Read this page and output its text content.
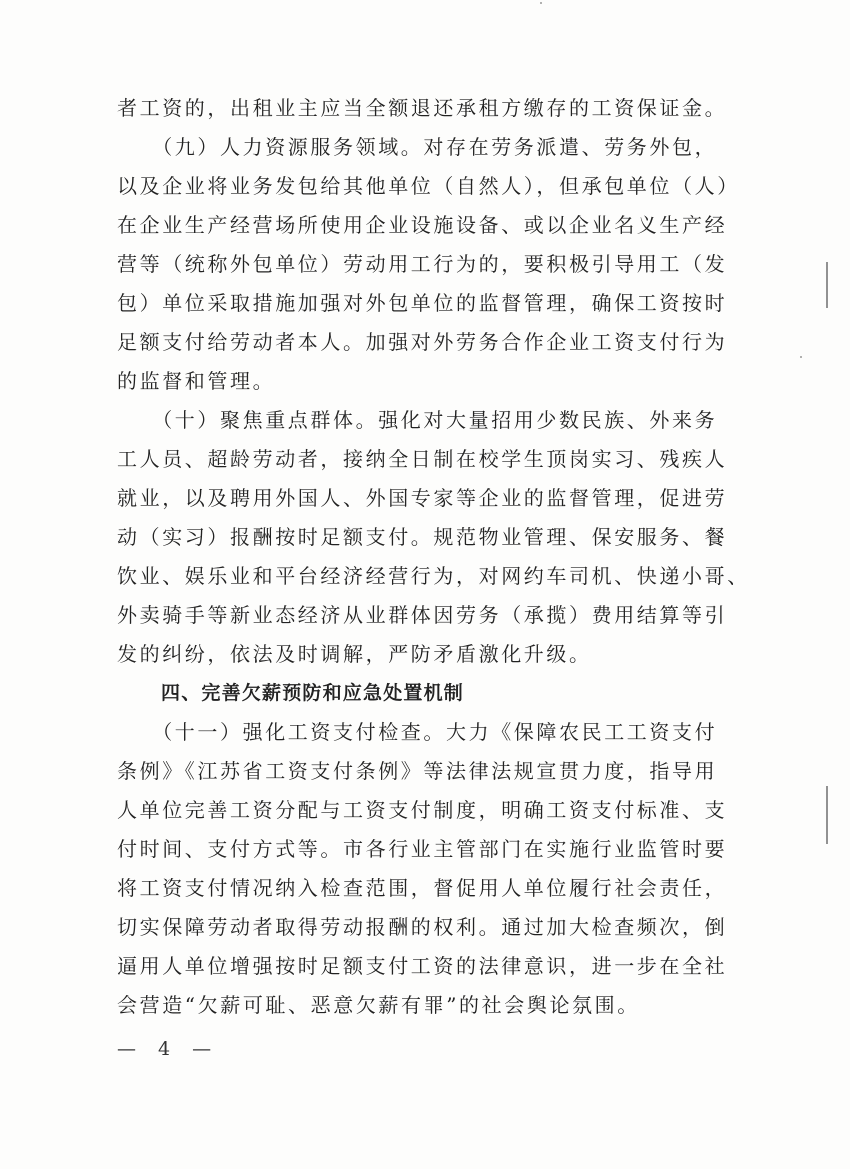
者工资的，出租业主应当全额退还承租方缴存的工资保证金。
　　（九）人力资源服务领域。对存在劳务派遣、劳务外包，
以及企业将业务发包给其他单位（自然人），但承包单位（人）
在企业生产经营场所使用企业设施设备、或以企业名义生产经
营等（统称外包单位）劳动用工行为的，要积极引导用工（发
包）单位采取措施加强对外包单位的监督管理，确保工资按时
足额支付给劳动者本人。加强对外劳务合作企业工资支付行为
的监督和管理。
　　（十）聚焦重点群体。强化对大量招用少数民族、外来务
工人员、超龄劳动者，接纳全日制在校学生顶岗实习、残疾人
就业，以及聘用外国人、外国专家等企业的监督管理，促进劳
动（实习）报酬按时足额支付。规范物业管理、保安服务、餐
饮业、娱乐业和平台经济经营行为，对网约车司机、快递小哥、
外卖骑手等新业态经济从业群体因劳务（承揽）费用结算等引
发的纠纷，依法及时调解，严防矛盾激化升级。
四、完善欠薪预防和应急处置机制
　　（十一）强化工资支付检查。大力《保障农民工工资支付
条例》《江苏省工资支付条例》等法律法规宣贯力度，指导用
人单位完善工资分配与工资支付制度，明确工资支付标准、支
付时间、支付方式等。市各行业主管部门在实施行业监管时要
将工资支付情况纳入检查范围，督促用人单位履行社会责任，
切实保障劳动者取得劳动报酬的权利。通过加大检查频次，倒
逼用人单位增强按时足额支付工资的法律意识，进一步在全社
会营造“欠薪可耻、恶意欠薪有罪”的社会舆论氛围。
— 4 —
